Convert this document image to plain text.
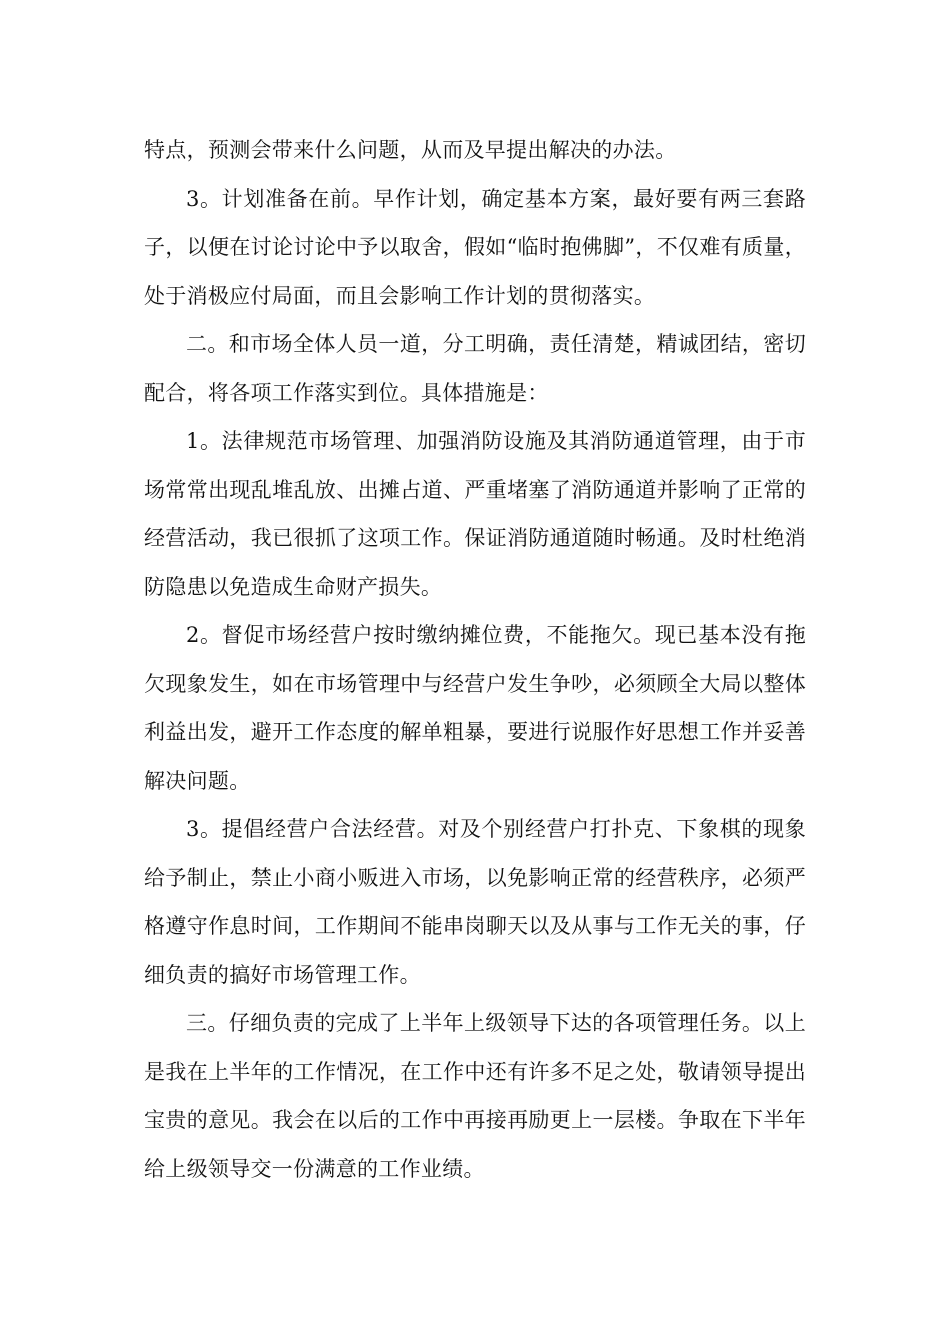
特点，预测会带来什么问题，从而及早提出解决的办法。

3。计划准备在前。早作计划，确定基本方案，最好要有两三套路子，以便在讨论讨论中予以取舍，假如“临时抱佛脚”，不仅难有质量，处于消极应付局面，而且会影响工作计划的贯彻落实。

二。和市场全体人员一道，分工明确，责任清楚，精诚团结，密切配合，将各项工作落实到位。具体措施是：

1。法律规范市场管理、加强消防设施及其消防通道管理，由于市场常常出现乱堆乱放、出摊占道、严重堵塞了消防通道并影响了正常的经营活动，我已很抓了这项工作。保证消防通道随时畅通。及时杜绝消防隐患以免造成生命财产损失。

2。督促市场经营户按时缴纳摊位费，不能拖欠。现已基本没有拖欠现象发生，如在市场管理中与经营户发生争吵，必须顾全大局以整体利益出发，避开工作态度的解单粗暴，要进行说服作好思想工作并妥善解决问题。

3。提倡经营户合法经营。对及个别经营户打扑克、下象棋的现象给予制止，禁止小商小贩进入市场，以免影响正常的经营秩序，必须严格遵守作息时间，工作期间不能串岗聊天以及从事与工作无关的事，仔细负责的搞好市场管理工作。

三。仔细负责的完成了上半年上级领导下达的各项管理任务。以上是我在上半年的工作情况，在工作中还有许多不足之处，敬请领导提出宝贵的意见。我会在以后的工作中再接再励更上一层楼。争取在下半年给上级领导交一份满意的工作业绩。
